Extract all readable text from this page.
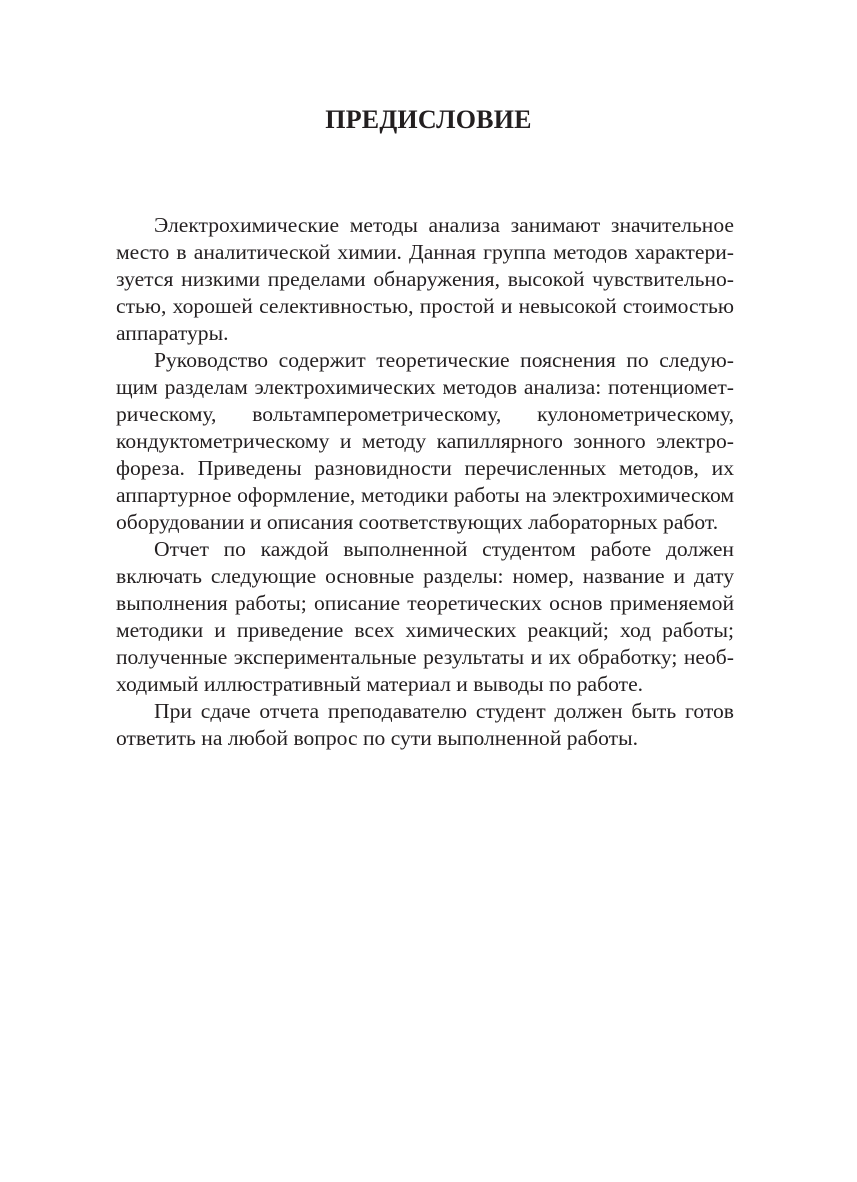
ПРЕДИСЛОВИЕ

Электрохимические методы анализа занимают значительное
место в аналитической химии. Данная группа методов характери-
зуется низкими пределами обнаружения, высокой чувствительно-
стью, хорошей селективностью, простой и невысокой стоимостью
аппаратуры.

Руководство содержит теоретические пояснения по следую-
щим разделам электрохимических методов анализа: потенциомет-
рическому, вольтамперометрическому, кулонометрическому,
кондуктометрическому и методу капиллярного зонного электро-
фореза. Приведены разновидности перечисленных методов, их
аппартурное оформление, методики работы на электрохимическом
оборудовании и описания соответствующих лабораторных работ.

Отчет по каждой выполненной студентом работе должен
включать следующие основные разделы: номер, название и дату
выполнения работы; описание теоретических основ применяемой
методики и приведение всех химических реакций; ход работы;
полученные экспериментальные результаты и их обработку; необ-
ходимый иллюстративный материал и выводы по работе.

При сдаче отчета преподавателю студент должен быть готов
ответить на любой вопрос по сути выполненной работы.
